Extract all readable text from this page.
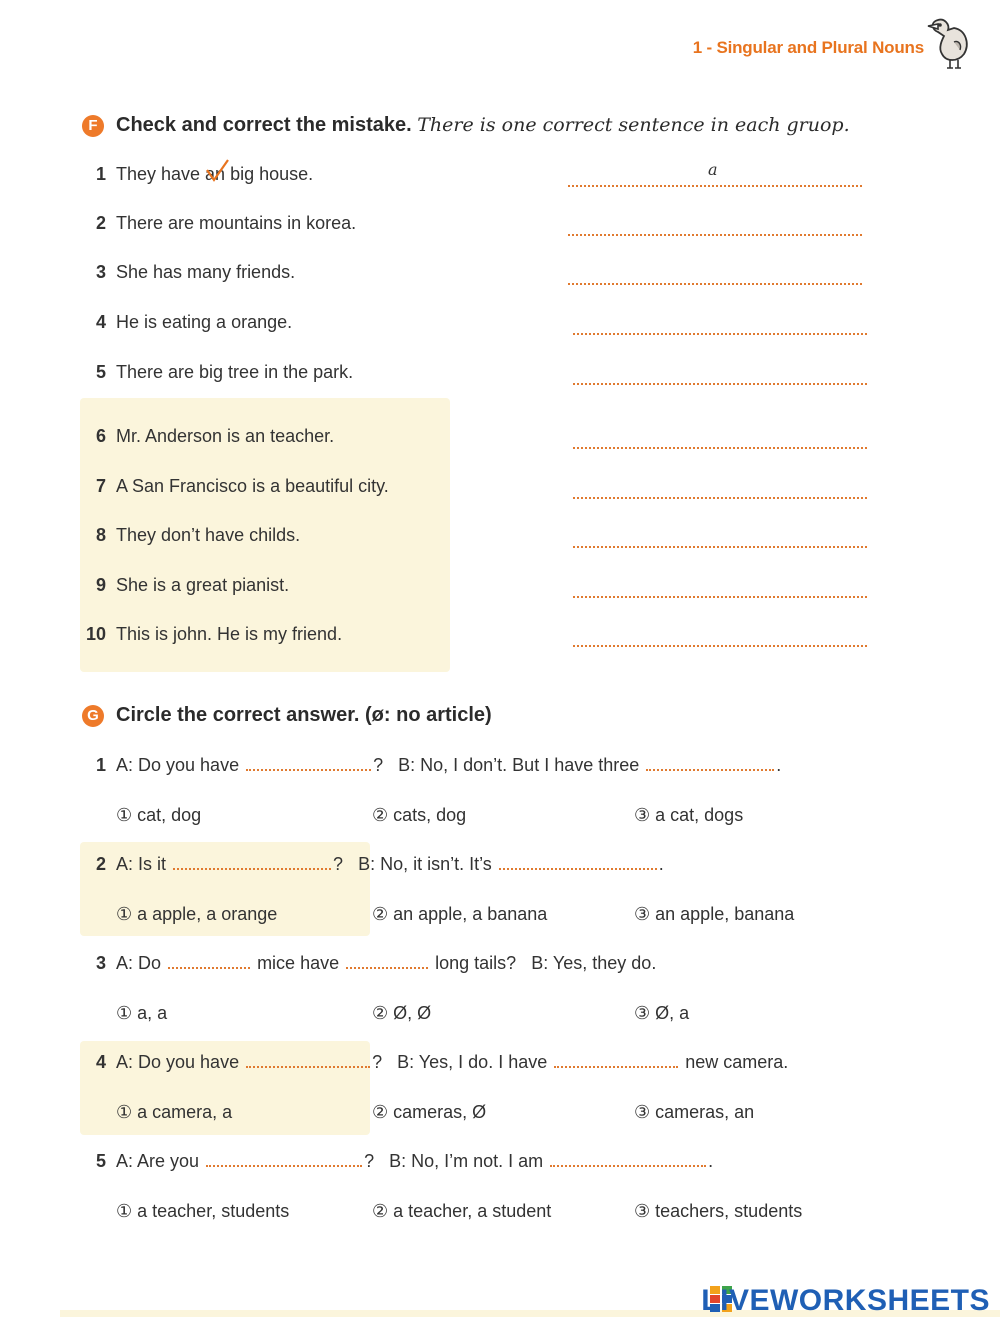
1 - Singular and Plural Nouns
F Check and correct the mistake. There is one correct sentence in each gruop.
1 They have an big house.	a
2 There are mountains in korea.
3 She has many friends.
4 He is eating a orange.
5 There are big tree in the park.
6 Mr. Anderson is an teacher.
7 A San Francisco is a beautiful city.
8 They don’t have childs.
9 She is a great pianist.
10 This is john. He is my friend.
G Circle the correct answer. (ø: no article)
1 A: Do you have	? B: No, I don’t. But I have three	.
① cat, dog	② cats, dog	③ a cat, dogs
2 A: Is it	? B: No, it isn’t. It’s	.
① a apple, a orange	② an apple, a banana	③ an apple, banana
3 A: Do	mice have	long tails? B: Yes, they do.
① a, a	② Ø, Ø	③ Ø, a
4 A: Do you have	? B: Yes, I do. I have	new camera.
① a camera, a	② cameras, Ø	③ cameras, an
5 A: Are you	? B: No, I’m not. I am	.
① a teacher, students	② a teacher, a student	③ teachers, students
LIVEWORKSHEETS
